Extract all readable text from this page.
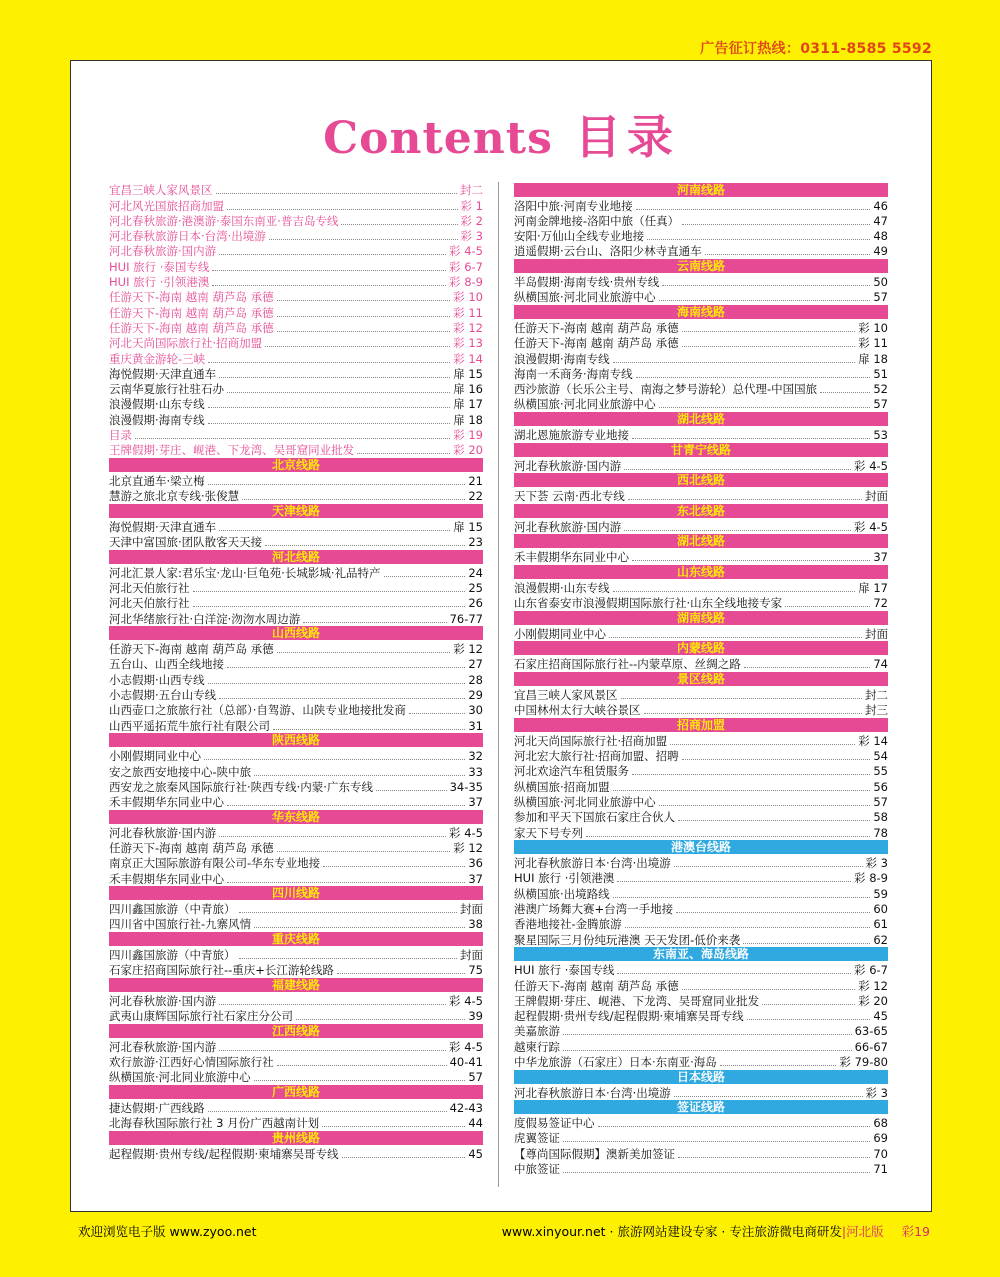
广告征订热线：0311-8585 5592
Contents 目录
宜昌三峡人家风景区	封二
河北风光国旅招商加盟	彩 1
河北春秋旅游·港澳游·泰国东南亚·普吉岛专线	彩 2
河北春秋旅游日本·台湾·出境游	彩 3
河北春秋旅游·国内游	彩 4-5
HUI 旅行 ·泰国专线	彩 6-7
HUI 旅行 ·引领港澳	彩 8-9
任游天下-海南 越南 葫芦岛 承德	彩 10
任游天下-海南 越南 葫芦岛 承德	彩 11
任游天下-海南 越南 葫芦岛 承德	彩 12
河北天尚国际旅行社·招商加盟	彩 13
重庆黄金游轮-三峡	彩 14
海悦假期·天津直通车	扉 15
云南华夏旅行社驻石办	扉 16
浪漫假期·山东专线	扉 17
浪漫假期·海南专线	扉 18
目录	彩 19
王牌假期·芽庄、岘港、下龙湾、吴哥窟同业批发	彩 20
北京线路
北京直通车·梁立梅	21
慧游之旅北京专线·张俊慧	22
天津线路
海悦假期·天津直通车	扉 15
天津中富国旅·团队散客天天接	23
河北线路
河北汇景人家:君乐宝·龙山·巨龟苑·长城影城·礼品特产	24
河北天伯旅行社	25
河北天伯旅行社	26
河北华绪旅行社·白洋淀·沕沕水周边游	76-77
山西线路
任游天下-海南 越南 葫芦岛 承德	彩 12
五台山、山西全线地接	27
小志假期·山西专线	28
小志假期·五台山专线	29
山西壶口之旅旅行社（总部）·自驾游、山陕专业地接批发商	30
山西平遥拓荒牛旅行社有限公司	31
陕西线路
小刚假期同业中心	32
安之旅西安地接中心-陕中旅	33
西安龙之旅秦风国际旅行社·陕西专线·内蒙·广东专线	34-35
禾丰假期华东同业中心	37
华东线路
河北春秋旅游·国内游	彩 4-5
任游天下-海南 越南 葫芦岛 承德	彩 12
南京正大国际旅游有限公司-华东专业地接	36
禾丰假期华东同业中心	37
四川线路
四川鑫国旅游（中青旅）	封面
四川省中国旅行社-九寨风情	38
重庆线路
四川鑫国旅游（中青旅）	封面
石家庄招商国际旅行社--重庆+长江游轮线路	75
福建线路
河北春秋旅游·国内游	彩 4-5
武夷山康辉国际旅行社石家庄分公司	39
江西线路
河北春秋旅游·国内游	彩 4-5
欢行旅游·江西好心情国际旅行社	40-41
纵横国旅·河北同业旅游中心	57
广西线路
捷达假期·广西线路	42-43
北海春秋国际旅行社 3 月份广西越南计划	44
贵州线路
起程假期·贵州专线/起程假期·柬埔寨吴哥专线	45
河南线路
洛阳中旅·河南专业地接	46
河南金牌地接-洛阳中旅（任真）	47
安阳·万仙山全线专业地接	48
逍遥假期·云台山、洛阳少林寺直通车	49
云南线路
半岛假期·海南专线·贵州专线	50
纵横国旅·河北同业旅游中心	57
海南线路
任游天下-海南 越南 葫芦岛 承德	彩 10
任游天下-海南 越南 葫芦岛 承德	彩 11
浪漫假期·海南专线	扉 18
海南一禾商务·海南专线	51
西沙旅游（长乐公主号、南海之梦号游轮）总代理-中国国旅	52
纵横国旅·河北同业旅游中心	57
湖北线路
湖北恩施旅游专业地接	53
甘青宁线路
河北春秋旅游·国内游	彩 4-5
西北线路
天下荟 云南·西北专线	封面
东北线路
河北春秋旅游·国内游	彩 4-5
湖北线路
禾丰假期华东同业中心	37
山东线路
浪漫假期·山东专线	扉 17
山东省泰安市浪漫假期国际旅行社·山东全线地接专家	72
湖南线路
小刚假期同业中心	封面
内蒙线路
石家庄招商国际旅行社--内蒙草原、丝绸之路	74
景区线路
宜昌三峡人家风景区	封二
中国林州太行大峡谷景区	封三
招商加盟
河北天尚国际旅行社·招商加盟	彩 14
河北宏大旅行社·招商加盟、招聘	54
河北欢途汽车租赁服务	55
纵横国旅·招商加盟	56
纵横国旅·河北同业旅游中心	57
参加和平天下国旅石家庄合伙人	58
家天下号专列	78
港澳台线路
河北春秋旅游日本·台湾·出境游	彩 3
HUI 旅行 ·引领港澳	彩 8-9
纵横国旅·出境路线	59
港澳广场舞大赛+台湾一手地接	60
香港地接社-金腾旅游	61
聚星国际三月份纯玩港澳 天天发团-低价来袭	62
东南亚、海岛线路
HUI 旅行 ·泰国专线	彩 6-7
任游天下-海南 越南 葫芦岛 承德	彩 12
王牌假期·芽庄、岘港、下龙湾、吴哥窟同业批发	彩 20
起程假期·贵州专线/起程假期·柬埔寨吴哥专线	45
美嘉旅游	63-65
越柬行踪	66-67
中华龙旅游（石家庄）日本·东南亚·海岛	彩 79-80
日本线路
河北春秋旅游日本·台湾·出境游	彩 3
签证线路
度假易签证中心	68
虎翼签证	69
【尊尚国际假期】澳新美加签证	70
中旅签证	71
欢迎浏览电子版 www.zyoo.net	www.xinyour.net · 旅游网站建设专家 · 专注旅游微电商研发|河北版 彩19
